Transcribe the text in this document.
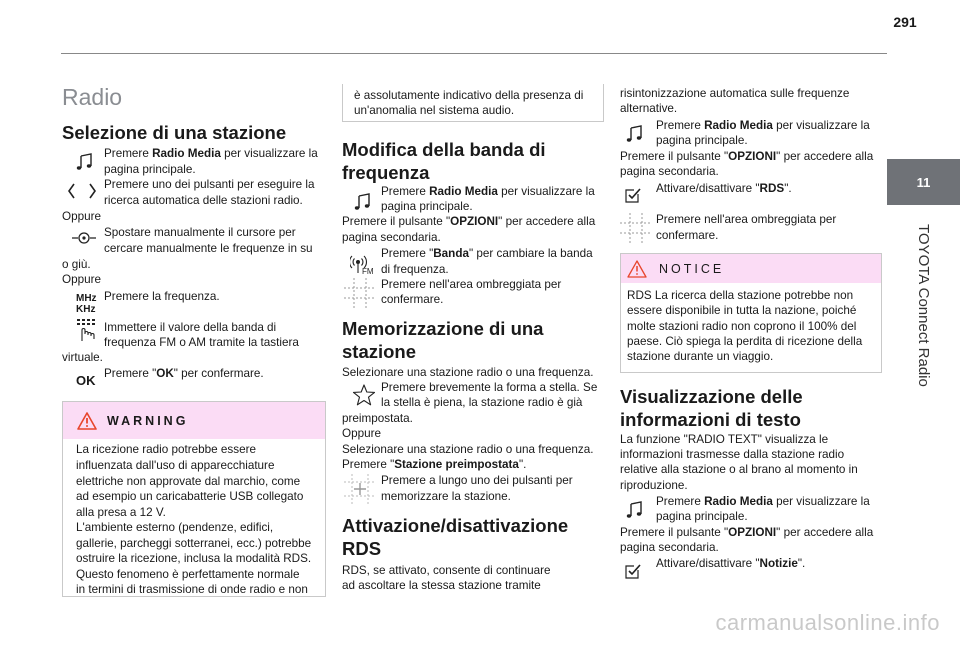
291
11
TOYOTA Connect Radio
Radio
Selezione di una stazione
Premere Radio Media per visualizzare la
pagina principale.
Premere uno dei pulsanti per eseguire la
ricerca automatica delle stazioni radio.
Oppure
Spostare manualmente il cursore per
cercare manualmente le frequenze in su
o giù.
Oppure
MHz
KHz
Premere la frequenza.
Immettere il valore della banda di
frequenza FM o AM tramite la tastiera
virtuale.
OK Premere "OK" per confermare.
WARNING
La ricezione radio potrebbe essere
influenzata dall'uso di apparecchiature
elettriche non approvate dal marchio, come
ad esempio un caricabatterie USB collegato
alla presa a 12 V.
L'ambiente esterno (pendenze, edifici,
gallerie, parcheggi sotterranei, ecc.) potrebbe
ostruire la ricezione, inclusa la modalità RDS.
Questo fenomeno è perfettamente normale
in termini di trasmissione di onde radio e non
è assolutamente indicativo della presenza di
un'anomalia nel sistema audio.
Modifica della banda di
frequenza
Premere Radio Media per visualizzare la
pagina principale.
Premere il pulsante "OPZIONI" per accedere alla
pagina secondaria.
FM
Premere "Banda" per cambiare la banda
di frequenza.
Premere nell'area ombreggiata per
confermare.
Memorizzazione di una
stazione
Selezionare una stazione radio o una frequenza.
Premere brevemente la forma a stella. Se
la stella è piena, la stazione radio è già
preimpostata.
Oppure
Selezionare una stazione radio o una frequenza.
Premere "Stazione preimpostata".
Premere a lungo uno dei pulsanti per
memorizzare la stazione.
Attivazione/disattivazione
RDS
RDS, se attivato, consente di continuare
ad ascoltare la stessa stazione tramite
risintonizzazione automatica sulle frequenze
alternative.
Premere Radio Media per visualizzare la
pagina principale.
Premere il pulsante "OPZIONI" per accedere alla
pagina secondaria.
Attivare/disattivare "RDS".
Premere nell'area ombreggiata per
confermare.
NOTICE
RDS La ricerca della stazione potrebbe non
essere disponibile in tutta la nazione, poiché
molte stazioni radio non coprono il 100% del
paese. Ciò spiega la perdita di ricezione della
stazione durante un viaggio.
Visualizzazione delle
informazioni di testo
La funzione "RADIO TEXT" visualizza le
informazioni trasmesse dalla stazione radio
relative alla stazione o al brano al momento in
riproduzione.
Premere Radio Media per visualizzare la
pagina principale.
Premere il pulsante "OPZIONI" per accedere alla
pagina secondaria.
Attivare/disattivare "Notizie".
carmanualsonline.info
